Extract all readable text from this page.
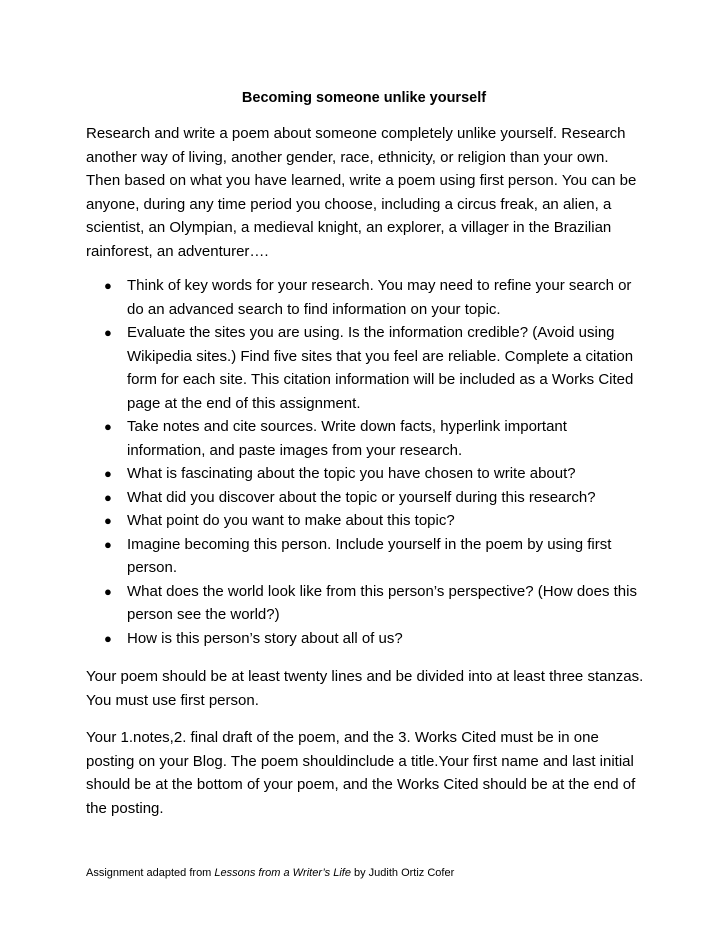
Becoming someone unlike yourself
Research and write a poem about someone completely unlike yourself. Research another way of living, another gender, race, ethnicity, or religion than your own. Then based on what you have learned, write a poem using first person. You can be anyone, during any time period you choose, including a circus freak, an alien, a scientist, an Olympian, a medieval knight, an explorer, a villager in the Brazilian rainforest, an adventurer….
● Think of key words for your research. You may need to refine your search or do an advanced search to find information on your topic.
● Evaluate the sites you are using. Is the information credible? (Avoid using Wikipedia sites.) Find five sites that you feel are reliable. Complete a citation form for each site. This citation information will be included as a Works Cited page at the end of this assignment.
● Take notes and cite sources. Write down facts, hyperlink important information, and paste images from your research.
● What is fascinating about the topic you have chosen to write about?
● What did you discover about the topic or yourself during this research?
● What point do you want to make about this topic?
● Imagine becoming this person. Include yourself in the poem by using first person.
● What does the world look like from this person’s perspective? (How does this person see the world?)
● How is this person’s story about all of us?
Your poem should be at least twenty lines and be divided into at least three stanzas. You must use first person.
Your 1.notes,2. final draft of the poem, and the 3. Works Cited must be in one posting on your Blog. The poem shouldinclude a title.Your first name and last initial should be at the bottom of your poem, and the Works Cited should be at the end of the posting.
Assignment adapted from Lessons from a Writer’s Life by Judith Ortiz Cofer
